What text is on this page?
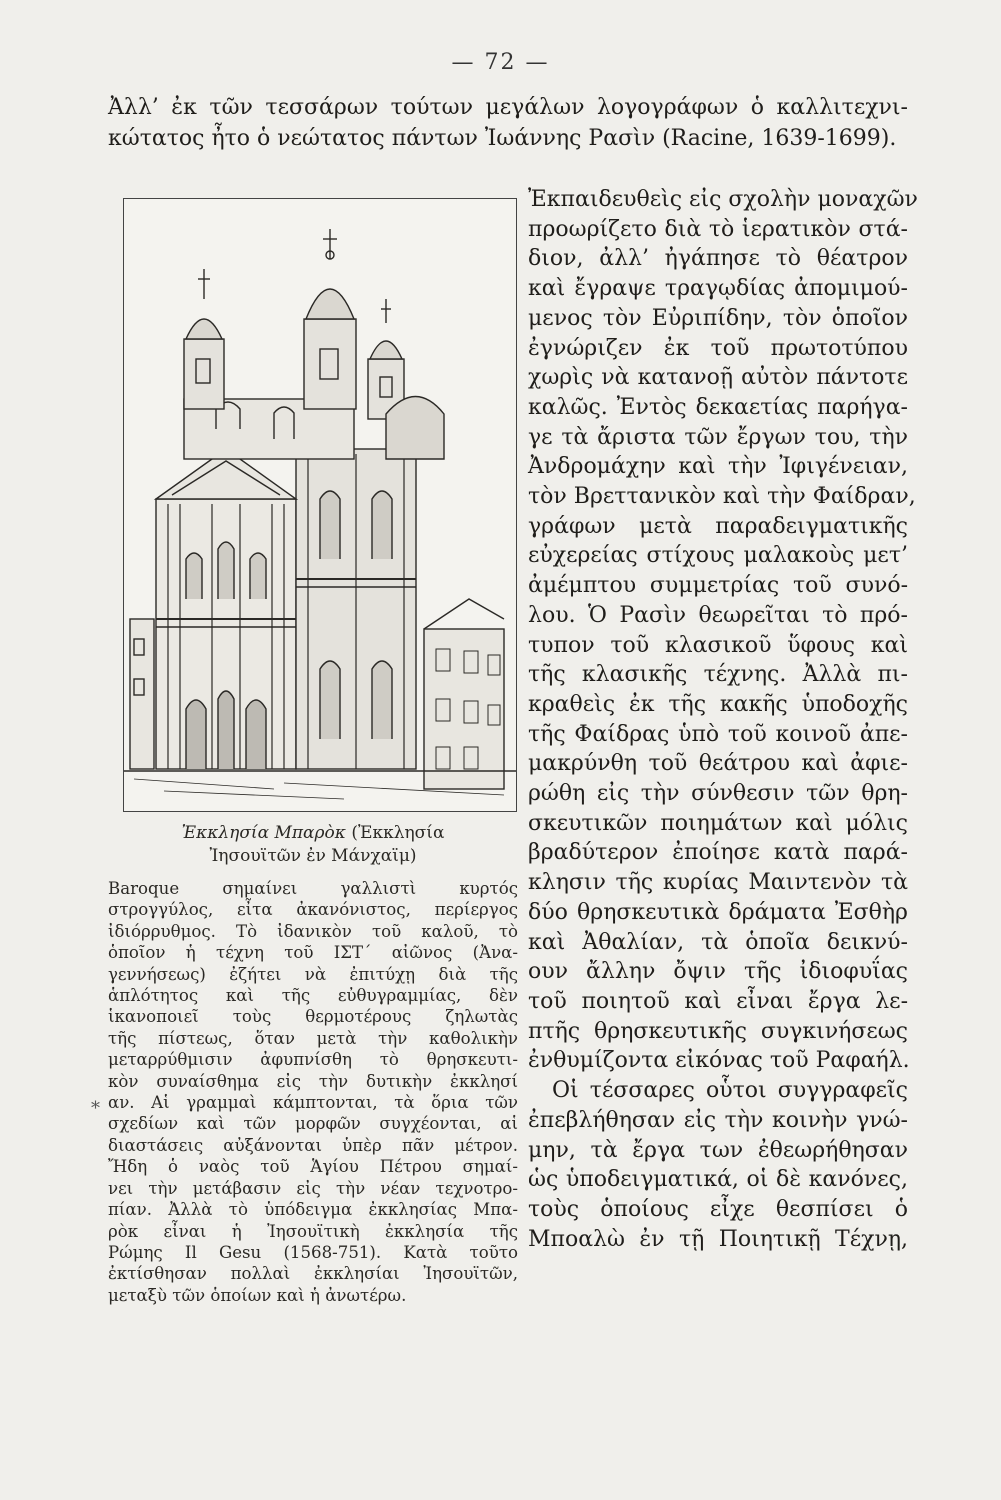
— 72 —
Ἀλλ’ ἐκ τῶν τεσσάρων τούτων μεγάλων λογογράφων ὁ καλλιτεχνι-
κώτατος ἦτο ὁ νεώτατος πάντων Ἰωάννης Ρασὶν (Racine, 1639-1699).
Ἐκκλησία Μπαρὸκ (Ἐκκλησία
Ἰησουϊτῶν ἐν Μάνχαϊμ)
Baroque σημαίνει γαλλιστὶ κυρτός
στρογγύλος, εἶτα ἀκανόνιστος, περίεργος
ἰδιόρρυθμος. Τὸ ἰδανικὸν τοῦ καλοῦ, τὸ
ὁποῖον ἡ τέχνη τοῦ ΙΣΤ΄ αἰῶνος (Ἀνα-
γεννήσεως) ἐζήτει νὰ ἐπιτύχῃ διὰ τῆς
ἁπλότητος καὶ τῆς εὐθυγραμμίας, δὲν
ἱκανοποιεῖ τοὺς θερμοτέρους ζηλωτὰς
τῆς πίστεως, ὅταν μετὰ τὴν καθολικὴν
μεταρρύθμισιν ἀφυπνίσθη τὸ θρησκευτι-
κὸν συναίσθημα εἰς τὴν δυτικὴν ἐκκλησί
αν. Αἱ γραμμαὶ κάμπτονται, τὰ ὅρια τῶν
σχεδίων καὶ τῶν μορφῶν συγχέονται, αἱ
διαστάσεις αὐξάνονται ὑπὲρ πᾶν μέτρον.
Ἤδη ὁ ναὸς τοῦ Ἁγίου Πέτρου σημαί-
νει τὴν μετάβασιν εἰς τὴν νέαν τεχνοτρο-
πίαν. Ἀλλὰ τὸ ὑπόδειγμα ἐκκλησίας Μπα-
ρὸκ εἶναι ἡ Ἰησουϊτικὴ ἐκκλησία τῆς
Ρώμης Il Gesu (1568-751). Κατὰ τοῦτο
ἐκτίσθησαν πολλαὶ ἐκκλησίαι Ἰησουϊτῶν,
μεταξὺ τῶν ὁποίων καὶ ἡ ἀνωτέρω.
*
Ἐκπαιδευθεὶς εἰς σχολὴν μοναχῶν
προωρίζετο διὰ τὸ ἱερατικὸν στά-
διον, ἀλλ’ ἠγάπησε τὸ θέατρον
καὶ ἔγραψε τραγῳδίας ἀπομιμού-
μενος τὸν Εὐριπίδην, τὸν ὁποῖον
ἐγνώριζεν ἐκ τοῦ πρωτοτύπου
χωρὶς νὰ κατανοῇ αὐτὸν πάντοτε
καλῶς. Ἐντὸς δεκαετίας παρήγα-
γε τὰ ἄριστα τῶν ἔργων του, τὴν
Ἀνδρομάχην καὶ τὴν Ἰφιγένειαν,
τὸν Βρεττανικὸν καὶ τὴν Φαίδραν,
γράφων μετὰ παραδειγματικῆς
εὐχερείας στίχους μαλακοὺς μετ’
ἀμέμπτου συμμετρίας τοῦ συνό-
λου. Ὁ Ρασὶν θεωρεῖται τὸ πρό-
τυπον τοῦ κλασικοῦ ὕφους καὶ
τῆς κλασικῆς τέχνης. Ἀλλὰ πι-
κραθεὶς ἐκ τῆς κακῆς ὑποδοχῆς
τῆς Φαίδρας ὑπὸ τοῦ κοινοῦ ἀπε-
μακρύνθη τοῦ θεάτρου καὶ ἀφιε-
ρώθη εἰς τὴν σύνθεσιν τῶν θρη-
σκευτικῶν ποιημάτων καὶ μόλις
βραδύτερον ἐποίησε κατὰ παρά-
κλησιν τῆς κυρίας Μαιντενὸν τὰ
δύο θρησκευτικὰ δράματα Ἐσθὴρ
καὶ Ἀθαλίαν, τὰ ὁποῖα δεικνύ-
ουν ἄλλην ὄψιν τῆς ἰδιοφυΐας
τοῦ ποιητοῦ καὶ εἶναι ἔργα λε-
πτῆς θρησκευτικῆς συγκινήσεως
ἐνθυμίζοντα εἰκόνας τοῦ Ραφαήλ.
Οἱ τέσσαρες οὗτοι συγγραφεῖς
ἐπεβλήθησαν εἰς τὴν κοινὴν γνώ-
μην, τὰ ἔργα των ἐθεωρήθησαν
ὡς ὑποδειγματικά, οἱ δὲ κανόνες,
τοὺς ὁποίους εἶχε θεσπίσει ὁ
Μποαλὼ ἐν τῇ Ποιητικῇ Τέχνῃ,
